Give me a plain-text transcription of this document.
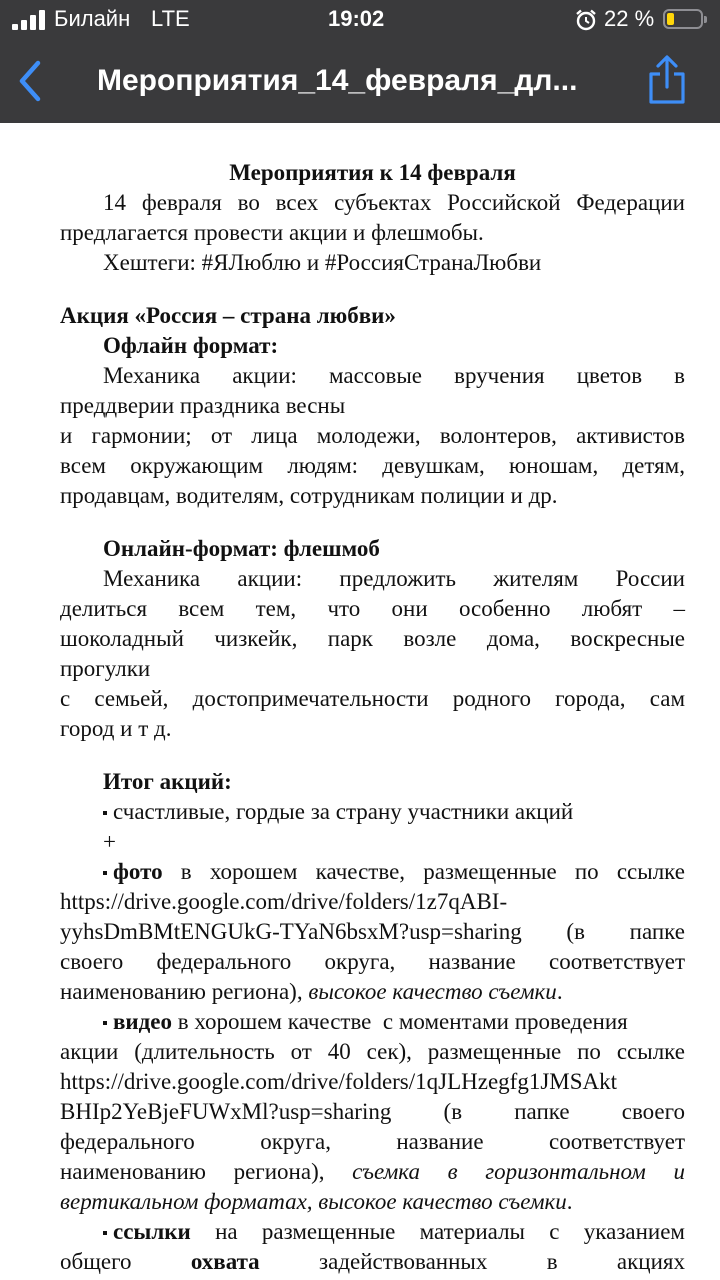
Билайн LTE	19:02	22 %
Мероприятия_14_февраля_дл...
Мероприятия к 14 февраля
14 февраля во всех субъектах Российской Федерации
предлагается провести акции и флешмобы.
Хештеги: #ЯЛюблю и #РоссияСтранаЛюбви
Акция «Россия – страна любви»
Офлайн формат:
Механика акции: массовые вручения цветов в
преддверии праздника весны
и гармонии; от лица молодежи, волонтеров, активистов
всем окружающим людям: девушкам, юношам, детям,
продавцам, водителям, сотрудникам полиции и др.
Онлайн-формат: флешмоб
Механика акции: предложить жителям России
делиться всем тем, что они особенно любят –
шоколадный чизкейк, парк возле дома, воскресные
прогулки
с семьей, достопримечательности родного города, сам
город и т д.
Итог акций:
счастливые, гордые за страну участники акций
+
фото в хорошем качестве, размещенные по ссылке
https://drive.google.com/drive/folders/1z7qABI-
yyhsDmBMtENGUkG-TYaN6bsxM?usp=sharing (в папке
своего федерального округа, название соответствует
наименованию региона), высокое качество съемки.
видео в хорошем качестве  с моментами проведения
акции (длительность от 40 сек), размещенные по ссылке
https://drive.google.com/drive/folders/1qJLHzegfg1JMSAkt
BHIp2YeBjeFUWxMl?usp=sharing (в папке своего
федерального округа, название соответствует
наименованию региона), съемка в горизонтальном и
вертикальном форматах, высокое качество съемки.
ссылки на размещенные материалы с указанием
общего охвата задействованных в акциях
